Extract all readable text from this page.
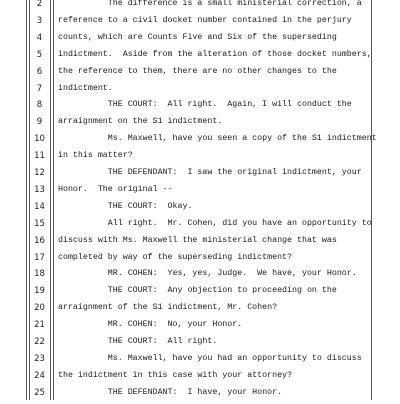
2	The difference is a small ministerial correction, a
3	reference to a civil docket number contained in the perjury
4	counts, which are Counts Five and Six of the superseding
5	indictment.  Aside from the alteration of those docket numbers,
6	the reference to them, there are no other changes to the
7	indictment.
8	THE COURT:  All right.  Again, I will conduct the
9	arraignment on the S1 indictment.
10	Ms. Maxwell, have you seen a copy of the S1 indictment
11	in this matter?
12	THE DEFENDANT:  I saw the original indictment, your
13	Honor.  The original --
14	THE COURT:  Okay.
15	All right.  Mr. Cohen, did you have an opportunity to
16	discuss with Ms. Maxwell the ministerial change that was
17	completed by way of the superseding indictment?
18	MR. COHEN:  Yes, yes, Judge.  We have, your Honor.
19	THE COURT:  Any objection to proceeding on the
20	arraignment of the S1 indictment, Mr. Cohen?
21	MR. COHEN:  No, your Honor.
22	THE COURT:  All right.
23	Ms. Maxwell, have you had an opportunity to discuss
24	the indictment in this case with your attorney?
25	THE DEFENDANT:  I have, your Honor.
